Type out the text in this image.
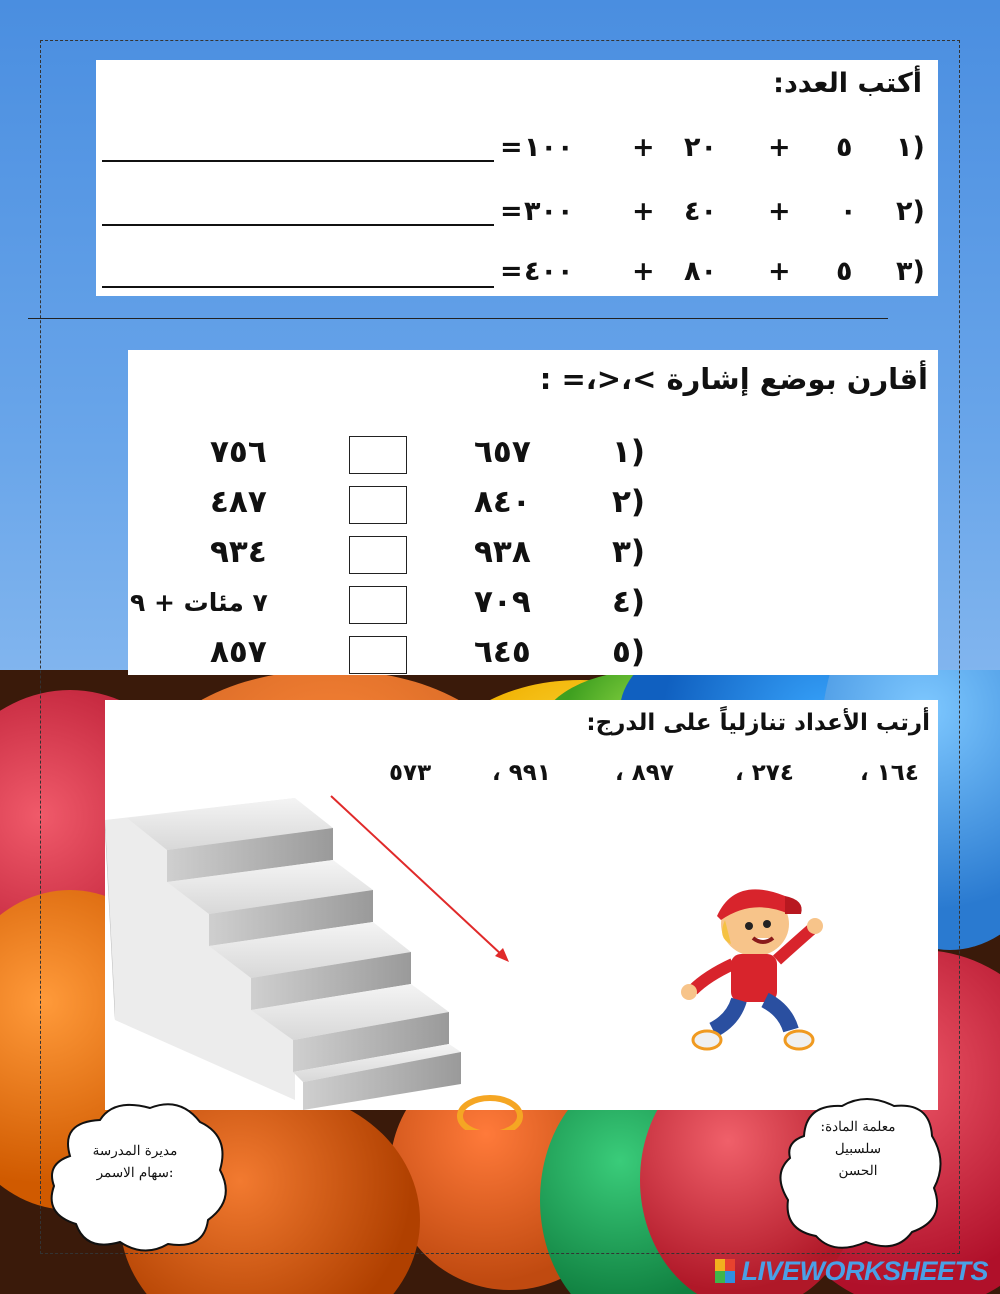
أكتب العدد:
١)
٥
+
٢٠
+
١٠٠
=
٢)
٠
+
٤٠
+
٣٠٠
=
٣)
٥
+
٨٠
+
٤٠٠
=
أقارن بوضع إشارة >،<،= :
١)
٦٥٧
٧٥٦
٢)
٨٤٠
٤٨٧
٣)
٩٣٨
٩٣٤
٤)
٧٠٩
٧ مئات + ٩
٥)
٦٤٥
٨٥٧
أرتب الأعداد تنازلياً على الدرج:
١٦٤ ،
٢٧٤ ،
٨٩٧ ،
٩٩١ ،
٥٧٣
مديرة المدرسة
:سهام الاسمر
معلمة المادة:
سلسبيل
الحسن
LIVEWORKSHEETS
